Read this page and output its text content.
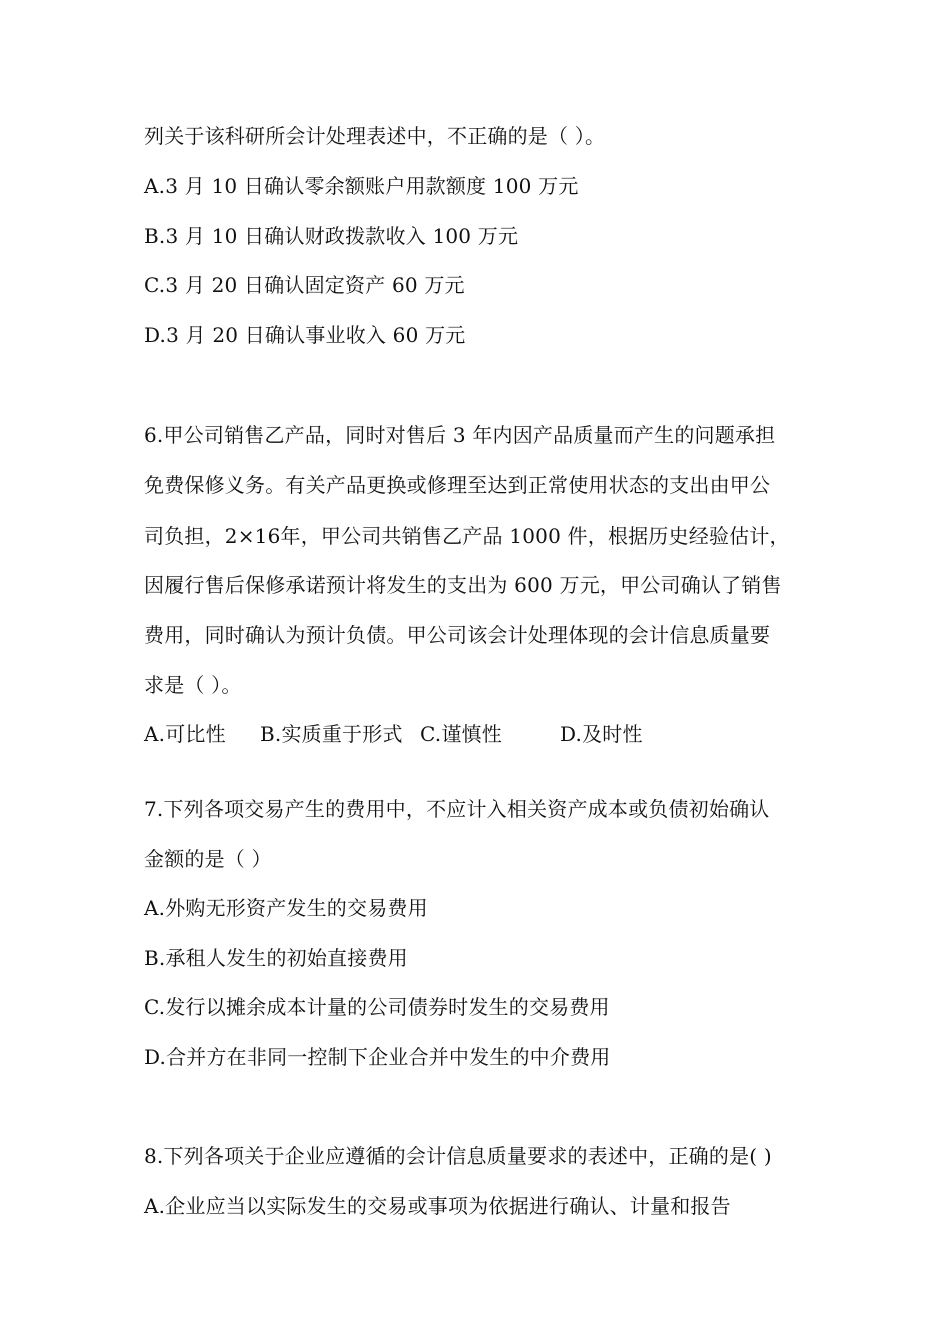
列关于该科研所会计处理表述中，不正确的是（ ）。
A.3 月 10 日确认零余额账户用款额度 100 万元
B.3 月 10 日确认财政拨款收入 100 万元
C.3 月 20 日确认固定资产 60 万元
D.3 月 20 日确认事业收入 60 万元
6.甲公司销售乙产品，同时对售后 3 年内因产品质量而产生的问题承担
免费保修义务。有关产品更换或修理至达到正常使用状态的支出由甲公
司负担，2×16年，甲公司共销售乙产品 1000 件，根据历史经验估计，
因履行售后保修承诺预计将发生的支出为 600 万元，甲公司确认了销售
费用，同时确认为预计负债。甲公司该会计处理体现的会计信息质量要
求是（ ）。
A.可比性 B.实质重于形式 C.谨慎性	D.及时性
7.下列各项交易产生的费用中，不应计入相关资产成本或负债初始确认
金额的是（ ）
A.外购无形资产发生的交易费用
B.承租人发生的初始直接费用
C.发行以摊余成本计量的公司债券时发生的交易费用
D.合并方在非同一控制下企业合并中发生的中介费用
8.下列各项关于企业应遵循的会计信息质量要求的表述中，正确的是( )
A.企业应当以实际发生的交易或事项为依据进行确认、计量和报告
